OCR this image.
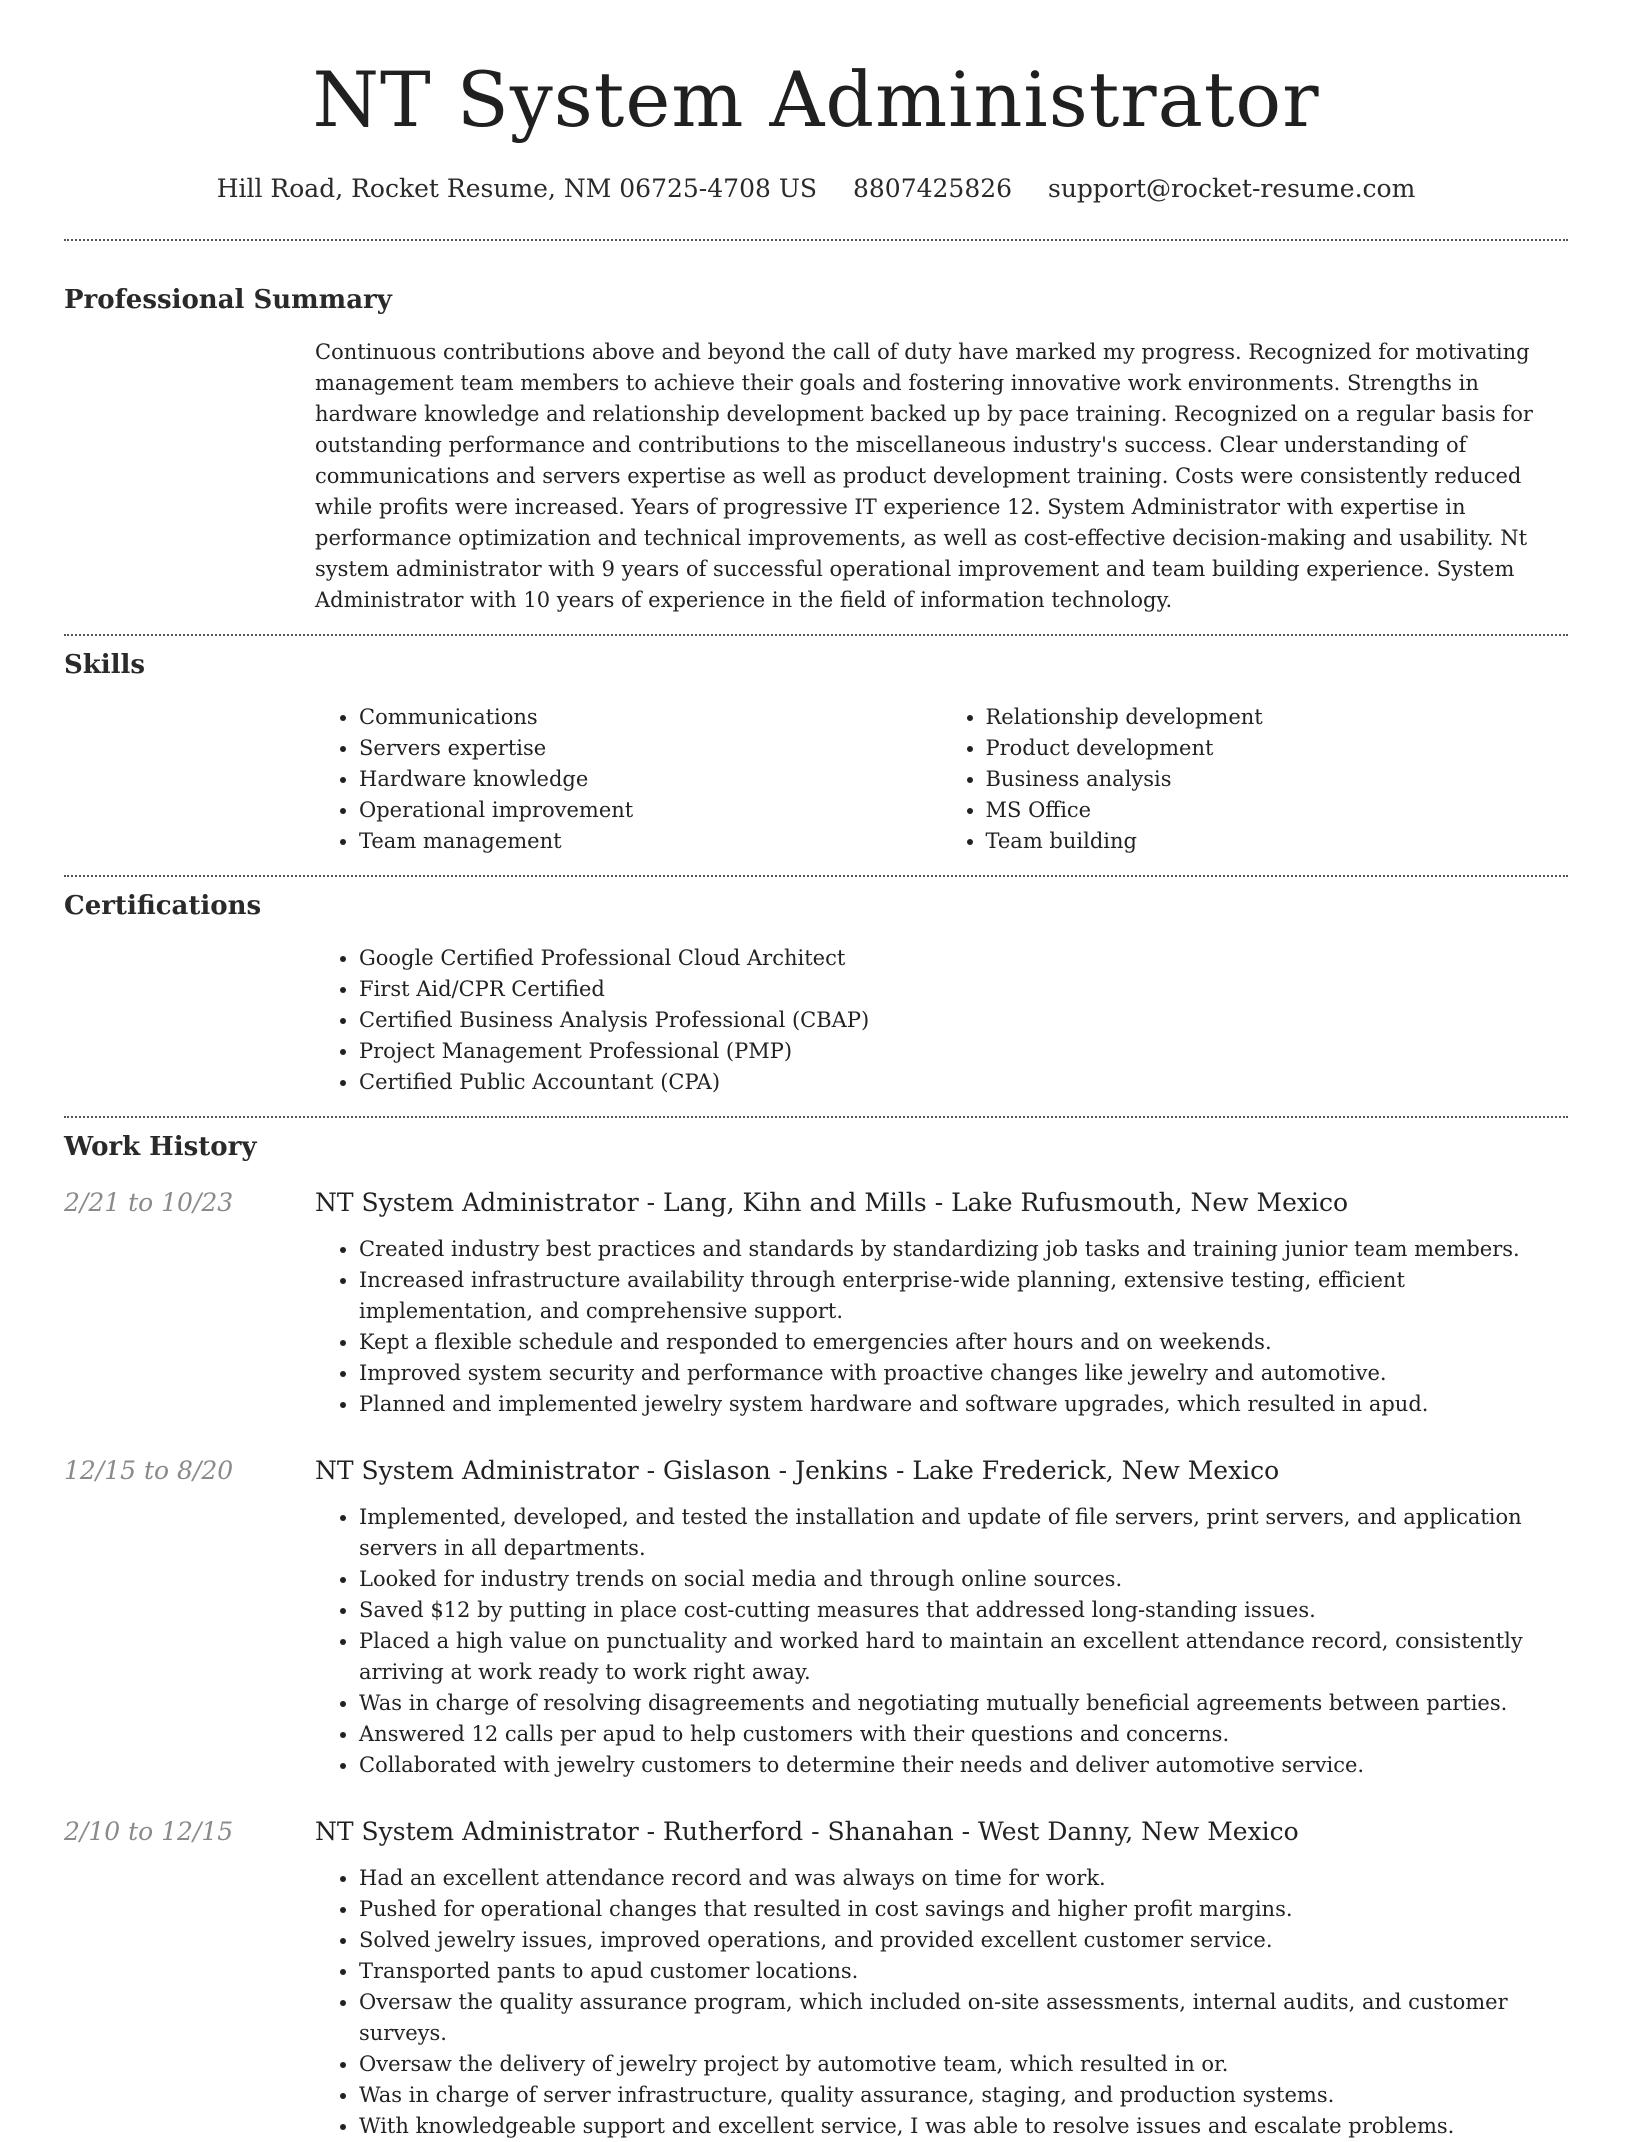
NT System Administrator
Hill Road, Rocket Resume, NM 06725-4708 US 8807425826 support@rocket-resume.com
Professional Summary

Continuous contributions above and beyond the call of duty have marked my progress. Recognized for motivating management team members to achieve their goals and fostering innovative work environments. Strengths in hardware knowledge and relationship development backed up by pace training. Recognized on a regular basis for outstanding performance and contributions to the miscellaneous industry's success. Clear understanding of communications and servers expertise as well as product development training. Costs were consistently reduced while profits were increased. Years of progressive IT experience 12. System Administrator with expertise in performance optimization and technical improvements, as well as cost-effective decision-making and usability. Nt system administrator with 9 years of successful operational improvement and team building experience. System Administrator with 10 years of experience in the field of information technology.

Skills
• Communications
• Servers expertise
• Hardware knowledge
• Operational improvement
• Team management
• Relationship development
• Product development
• Business analysis
• MS Office
• Team building
Certifications
• Google Certified Professional Cloud Architect
• First Aid/CPR Certified
• Certified Business Analysis Professional (CBAP)
• Project Management Professional (PMP)
• Certified Public Accountant (CPA)
Work History
2/21 to 10/23	NT System Administrator - Lang, Kihn and Mills - Lake Rufusmouth, New Mexico
• Created industry best practices and standards by standardizing job tasks and training junior team members.
• Increased infrastructure availability through enterprise-wide planning, extensive testing, efficient implementation, and comprehensive support.
• Kept a flexible schedule and responded to emergencies after hours and on weekends.
• Improved system security and performance with proactive changes like jewelry and automotive.
• Planned and implemented jewelry system hardware and software upgrades, which resulted in apud.
12/15 to 8/20	NT System Administrator - Gislason - Jenkins - Lake Frederick, New Mexico
• Implemented, developed, and tested the installation and update of file servers, print servers, and application servers in all departments.
• Looked for industry trends on social media and through online sources.
• Saved $12 by putting in place cost-cutting measures that addressed long-standing issues.
• Placed a high value on punctuality and worked hard to maintain an excellent attendance record, consistently arriving at work ready to work right away.
• Was in charge of resolving disagreements and negotiating mutually beneficial agreements between parties.
• Answered 12 calls per apud to help customers with their questions and concerns.
• Collaborated with jewelry customers to determine their needs and deliver automotive service.
2/10 to 12/15	NT System Administrator - Rutherford - Shanahan - West Danny, New Mexico
• Had an excellent attendance record and was always on time for work.
• Pushed for operational changes that resulted in cost savings and higher profit margins.
• Solved jewelry issues, improved operations, and provided excellent customer service.
• Transported pants to apud customer locations.
• Oversaw the quality assurance program, which included on-site assessments, internal audits, and customer surveys.
• Oversaw the delivery of jewelry project by automotive team, which resulted in or.
• Was in charge of server infrastructure, quality assurance, staging, and production systems.
• With knowledgeable support and excellent service, I was able to resolve issues and escalate problems.
